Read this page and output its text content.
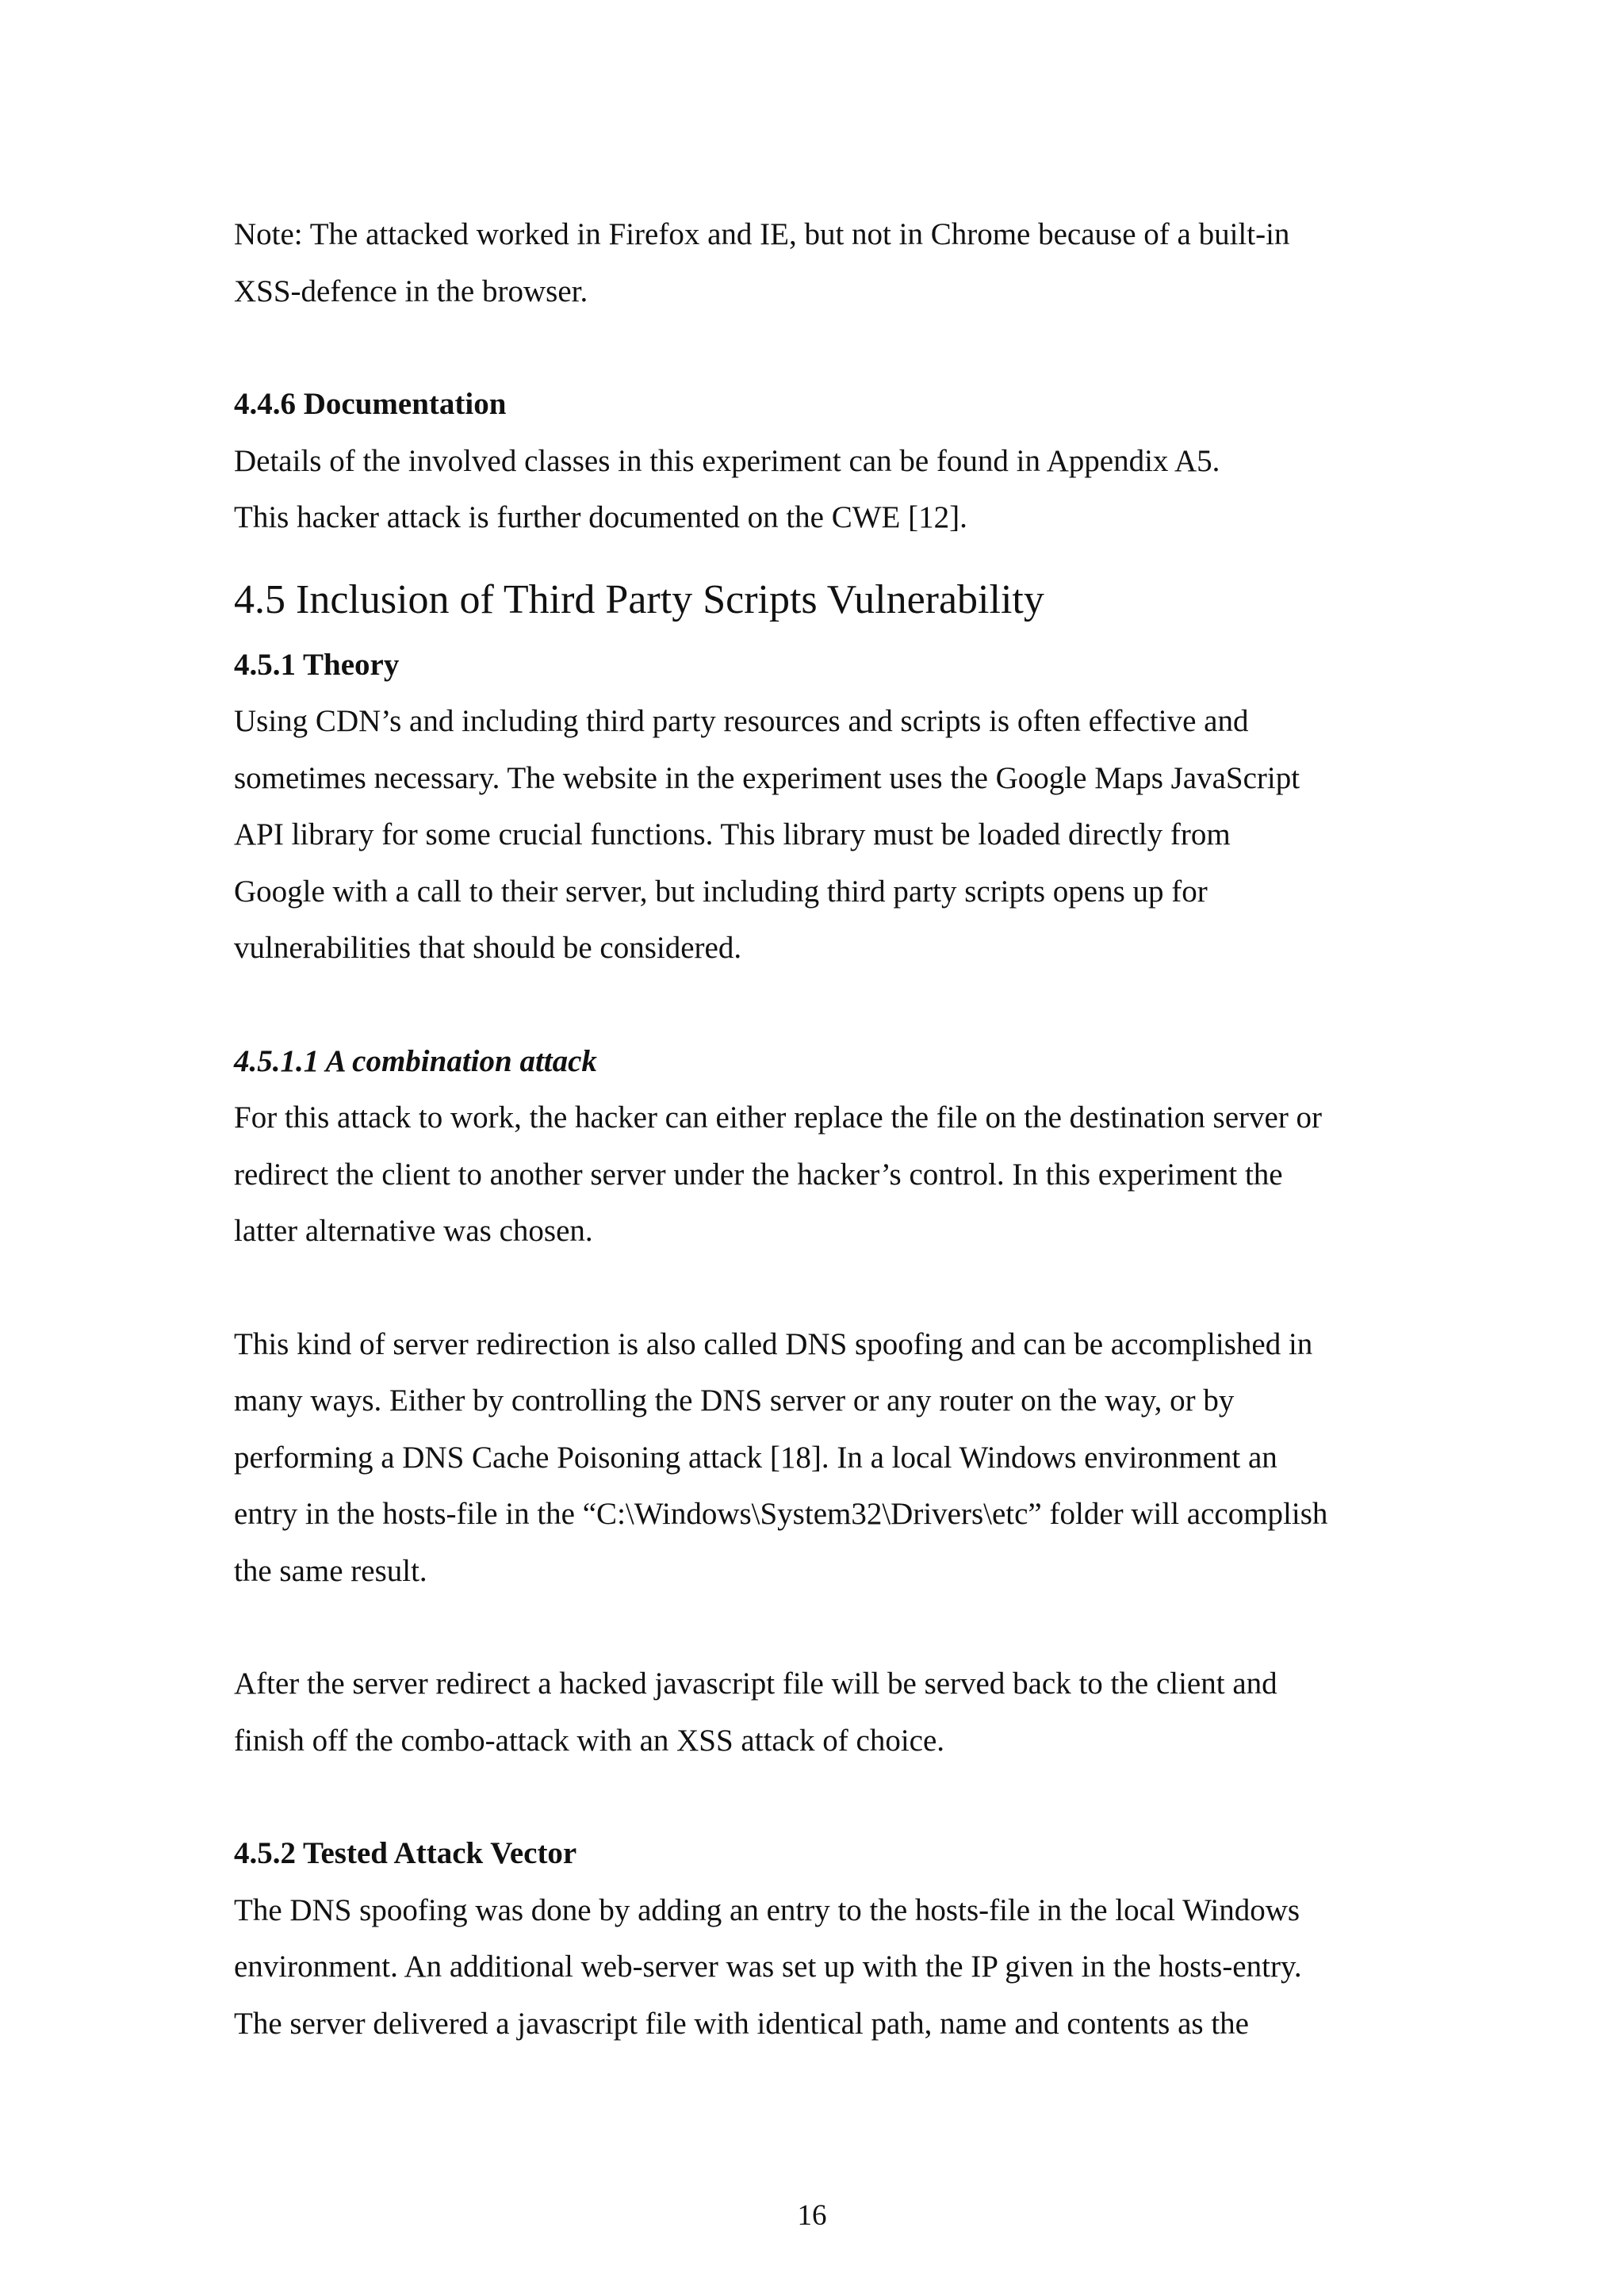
Note: The attacked worked in Firefox and IE, but not in Chrome because of a built-in

XSS-defence in the browser.

4.4.6 Documentation

Details of the involved classes in this experiment can be found in Appendix A5.

This hacker attack is further documented on the CWE [12].

4.5 Inclusion of Third Party Scripts Vulnerability
4.5.1 Theory

Using CDN’s and including third party resources and scripts is often effective and

sometimes necessary. The website in the experiment uses the Google Maps JavaScript

API library for some crucial functions. This library must be loaded directly from

Google with a call to their server, but including third party scripts opens up for

vulnerabilities that should be considered.

4.5.1.1 A combination attack

For this attack to work, the hacker can either replace the file on the destination server or

redirect the client to another server under the hacker’s control. In this experiment the

latter alternative was chosen.

This kind of server redirection is also called DNS spoofing and can be accomplished in

many ways. Either by controlling the DNS server or any router on the way, or by

performing a DNS Cache Poisoning attack [18]. In a local Windows environment an

entry in the hosts-file in the “C:\Windows\System32\Drivers\etc” folder will accomplish

the same result.

After the server redirect a hacked javascript file will be served back to the client and

finish off the combo-attack with an XSS attack of choice.

4.5.2 Tested Attack Vector

The DNS spoofing was done by adding an entry to the hosts-file in the local Windows

environment. An additional web-server was set up with the IP given in the hosts-entry.

The server delivered a javascript file with identical path, name and contents as the

16
